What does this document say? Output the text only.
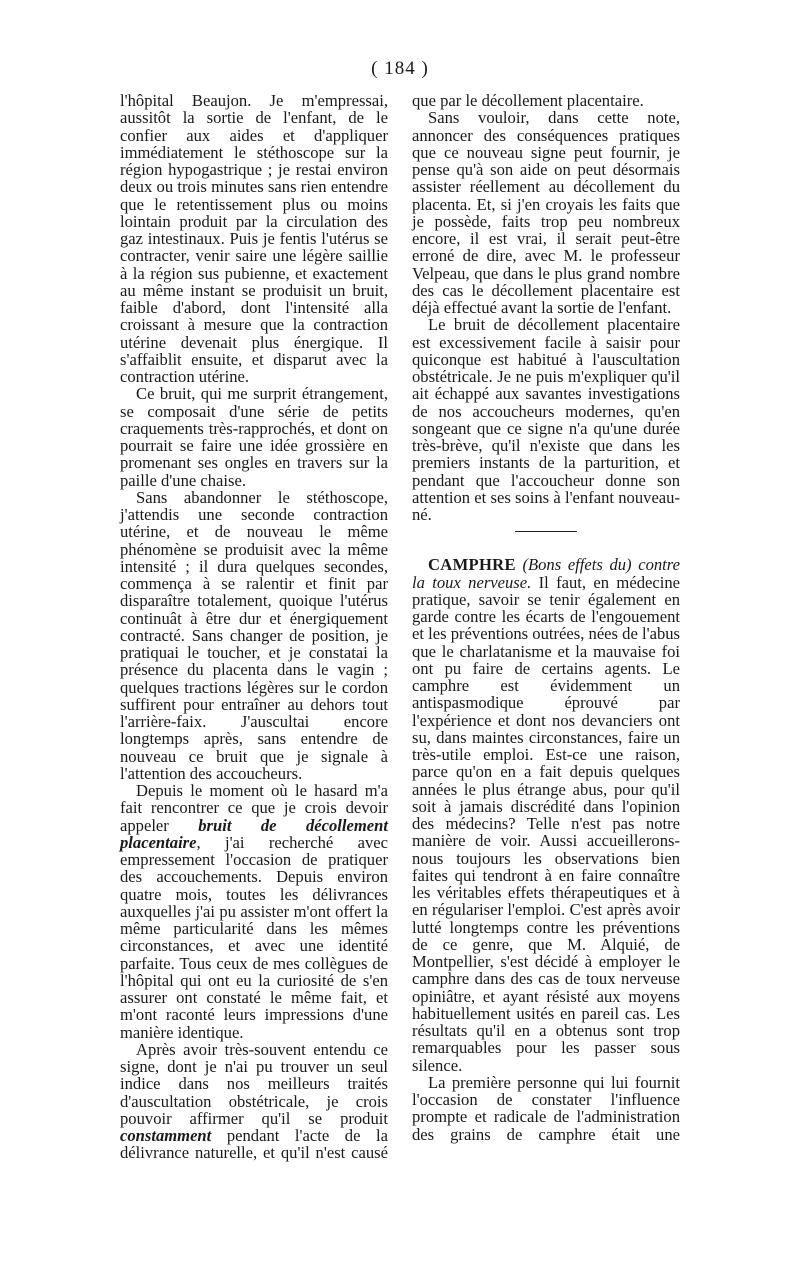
( 184 )

l'hôpital Beaujon. Je m'empressai, aussitôt la sortie de l'enfant, de le confier aux aides et d'appliquer immédiatement le stéthoscope sur la région hypogastrique ; je restai environ deux ou trois minutes sans rien entendre que le retentissement plus ou moins lointain produit par la circulation des gaz intestinaux. Puis je fentis l'utérus se contracter, venir saire une légère saillie à la région sus pubienne, et exactement au même instant se produisit un bruit, faible d'abord, dont l'intensité alla croissant à mesure que la contraction utérine devenait plus énergique. Il s'affaiblit ensuite, et disparut avec la contraction utérine.

Ce bruit, qui me surprit étrangement, se composait d'une série de petits craquements très-rapprochés, et dont on pourrait se faire une idée grossière en promenant ses ongles en travers sur la paille d'une chaise.

Sans abandonner le stéthoscope, j'attendis une seconde contraction utérine, et de nouveau le même phénomène se produisit avec la même intensité ; il dura quelques secondes, commença à se ralentir et finit par disparaître totalement, quoique l'utérus continuât à être dur et énergiquement contracté. Sans changer de position, je pratiquai le toucher, et je constatai la présence du placenta dans le vagin ; quelques tractions légères sur le cordon suffirent pour entraîner au dehors tout l'arrière-faix. J'auscultai encore longtemps après, sans entendre de nouveau ce bruit que je signale à l'attention des accoucheurs.

Depuis le moment où le hasard m'a fait rencontrer ce que je crois devoir appeler bruit de décollement placentaire, j'ai recherché avec empressement l'occasion de pratiquer des accouchements. Depuis environ quatre mois, toutes les délivrances auxquelles j'ai pu assister m'ont offert la même particularité dans les mêmes circonstances, et avec une identité parfaite. Tous ceux de mes collègues de l'hôpital qui ont eu la curiosité de s'en assurer ont constaté le même fait, et m'ont raconté leurs impressions d'une manière identique.

Après avoir très-souvent entendu ce signe, dont je n'ai pu trouver un seul indice dans nos meilleurs traités d'auscultation obstétricale, je crois pouvoir affirmer qu'il se produit constamment pendant l'acte de la délivrance naturelle, et qu'il n'est causé

que par le décollement placentaire.

Sans vouloir, dans cette note, annoncer des conséquences pratiques que ce nouveau signe peut fournir, je pense qu'à son aide on peut désormais assister réellement au décollement du placenta. Et, si j'en croyais les faits que je possède, faits trop peu nombreux encore, il est vrai, il serait peut-être erroné de dire, avec M. le professeur Velpeau, que dans le plus grand nombre des cas le décollement placentaire est déjà effectué avant la sortie de l'enfant.

Le bruit de décollement placentaire est excessivement facile à saisir pour quiconque est habitué à l'auscultation obstétricale. Je ne puis m'expliquer qu'il ait échappé aux savantes investigations de nos accoucheurs modernes, qu'en songeant que ce signe n'a qu'une durée très-brève, qu'il n'existe que dans les premiers instants de la parturition, et pendant que l'accoucheur donne son attention et ses soins à l'enfant nouveau-né.

CAMPHRE (Bons effets du) contre la toux nerveuse. Il faut, en médecine pratique, savoir se tenir également en garde contre les écarts de l'engouement et les préventions outrées, nées de l'abus que le charlatanisme et la mauvaise foi ont pu faire de certains agents. Le camphre est évidemment un antispasmodique éprouvé par l'expérience et dont nos devanciers ont su, dans maintes circonstances, faire un très-utile emploi. Est-ce une raison, parce qu'on en a fait depuis quelques années le plus étrange abus, pour qu'il soit à jamais discrédité dans l'opinion des médecins? Telle n'est pas notre manière de voir. Aussi accueillerons-nous toujours les observations bien faites qui tendront à en faire connaître les véritables effets thérapeutiques et à en régulariser l'emploi. C'est après avoir lutté longtemps contre les préventions de ce genre, que M. Alquié, de Montpellier, s'est décidé à employer le camphre dans des cas de toux nerveuse opiniâtre, et ayant résisté aux moyens habituellement usités en pareil cas. Les résultats qu'il en a obtenus sont trop remarquables pour les passer sous silence.

La première personne qui lui fournit l'occasion de constater l'influence prompte et radicale de l'administration des grains de camphre était une
